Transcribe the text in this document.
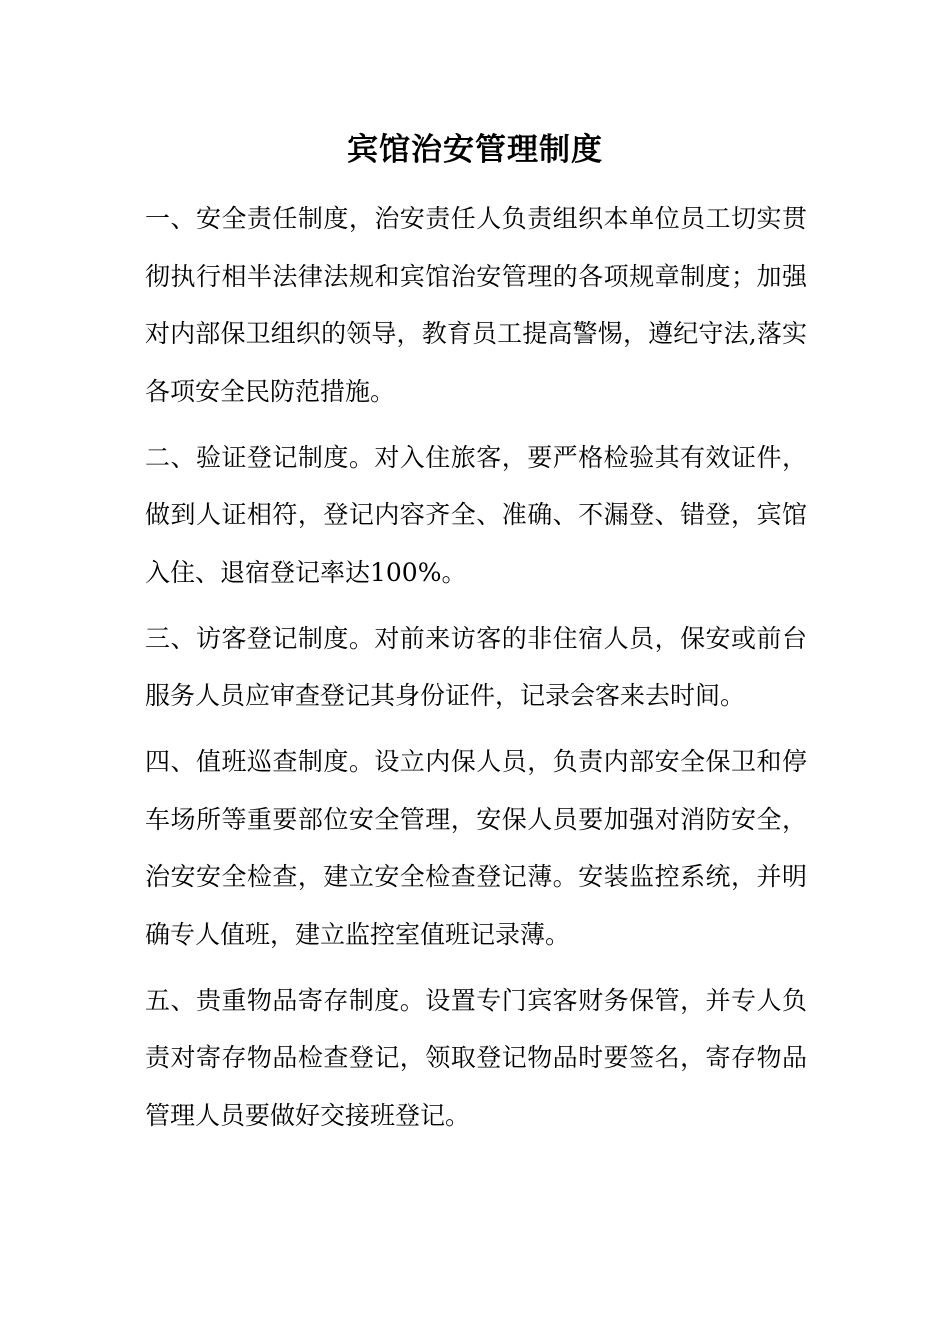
宾馆治安管理制度

一、安全责任制度，治安责任人负责组织本单位员工切实贯彻执行相半法律法规和宾馆治安管理的各项规章制度；加强对内部保卫组织的领导，教育员工提高警惕，遵纪守法,落实各项安全民防范措施。

二、验证登记制度。对入住旅客，要严格检验其有效证件，做到人证相符，登记内容齐全、准确、不漏登、错登，宾馆入住、退宿登记率达100%。

三、访客登记制度。对前来访客的非住宿人员，保安或前台服务人员应审查登记其身份证件，记录会客来去时间。

四、值班巡查制度。设立内保人员，负责内部安全保卫和停车场所等重要部位安全管理，安保人员要加强对消防安全，治安安全检查，建立安全检查登记薄。安装监控系统，并明确专人值班，建立监控室值班记录薄。

五、贵重物品寄存制度。设置专门宾客财务保管，并专人负责对寄存物品检查登记，领取登记物品时要签名，寄存物品管理人员要做好交接班登记。
